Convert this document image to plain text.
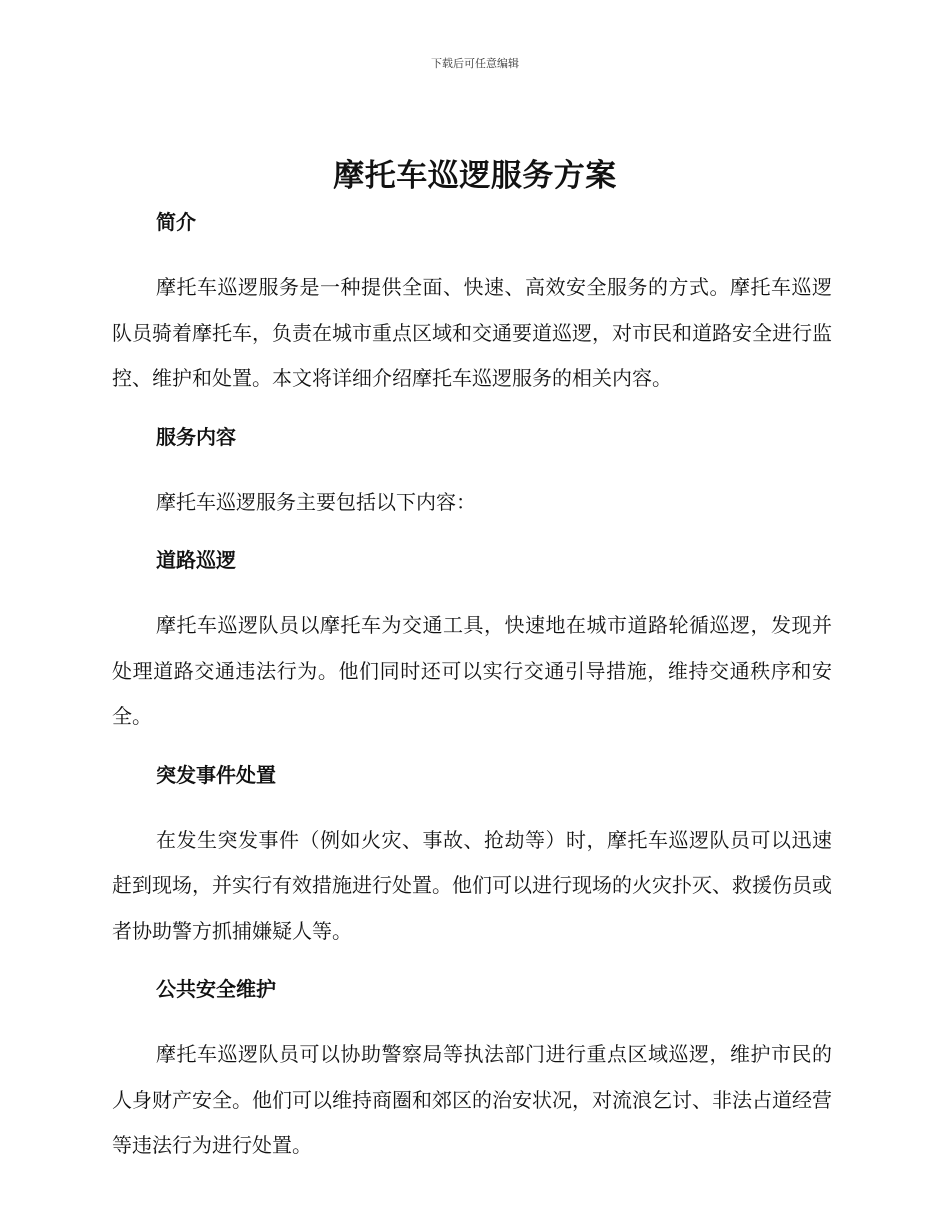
下载后可任意编辑
摩托车巡逻服务方案
简介

摩托车巡逻服务是一种提供全面、快速、高效安全服务的方式。摩托车巡逻队员骑着摩托车，负责在城市重点区域和交通要道巡逻，对市民和道路安全进行监控、维护和处置。本文将详细介绍摩托车巡逻服务的相关内容。

服务内容

摩托车巡逻服务主要包括以下内容：

道路巡逻

摩托车巡逻队员以摩托车为交通工具，快速地在城市道路轮循巡逻，发现并处理道路交通违法行为。他们同时还可以实行交通引导措施，维持交通秩序和安全。

突发事件处置

在发生突发事件（例如火灾、事故、抢劫等）时，摩托车巡逻队员可以迅速赶到现场，并实行有效措施进行处置。他们可以进行现场的火灾扑灭、救援伤员或者协助警方抓捕嫌疑人等。

公共安全维护

摩托车巡逻队员可以协助警察局等执法部门进行重点区域巡逻，维护市民的人身财产安全。他们可以维持商圈和郊区的治安状况，对流浪乞讨、非法占道经营等违法行为进行处置。
